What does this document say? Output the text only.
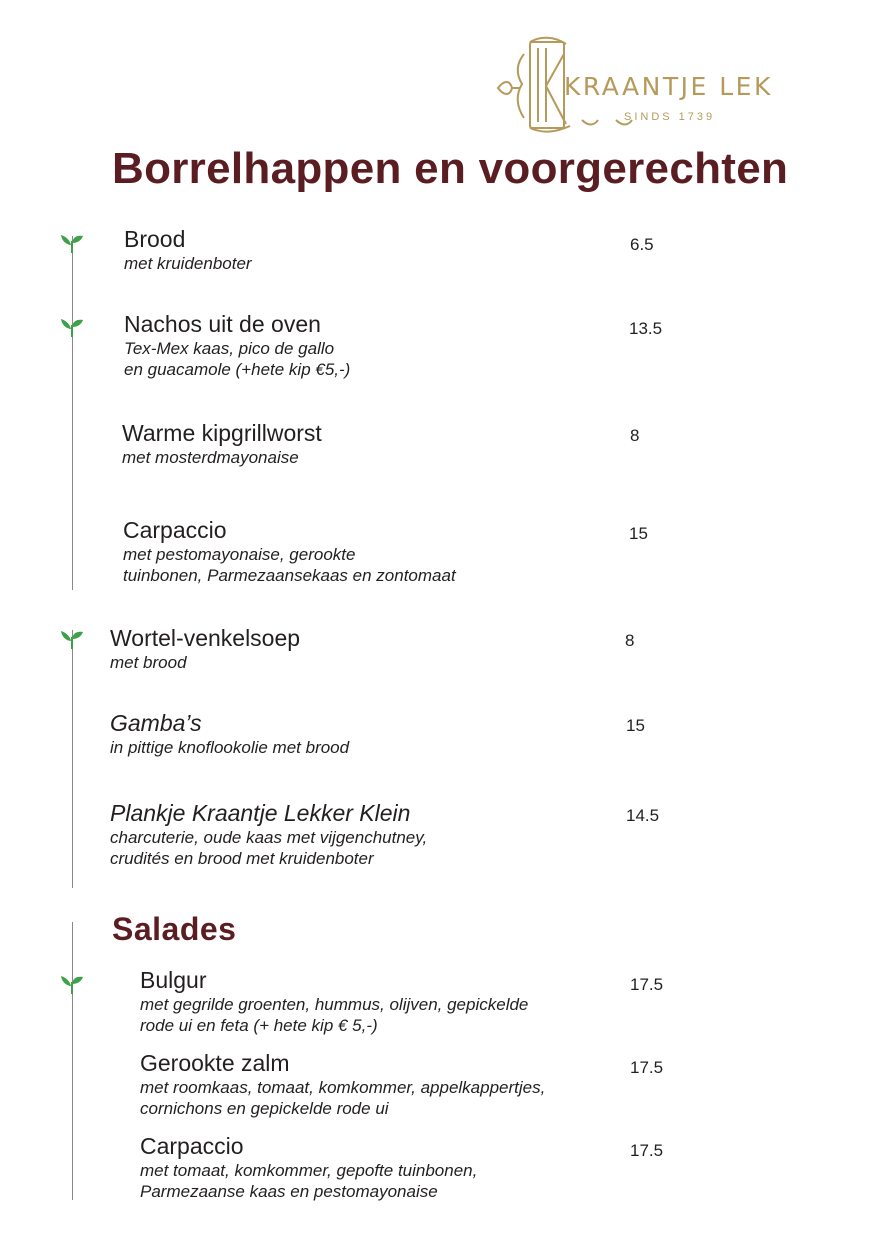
KRAANTJE LEK
SINDS 1739
Borrelhappen en voorgerechten
Brood
met kruidenboter
6.5
Nachos uit de oven
Tex-Mex kaas, pico de gallo
en guacamole (+hete kip €5,-)
13.5
Warme kipgrillworst
met mosterdmayonaise
8
Carpaccio
met pestomayonaise, gerookte
tuinbonen, Parmezaansekaas en zontomaat
15
Wortel-venkelsoep
met brood
8
Gamba’s
in pittige knoflookolie met brood
15
Plankje Kraantje Lekker Klein
charcuterie, oude kaas met vijgenchutney,
crudités en brood met kruidenboter
14.5
Salades
Bulgur
met gegrilde groenten, hummus, olijven, gepickelde
rode ui en feta (+ hete kip € 5,-)
17.5
Gerookte zalm
met roomkaas, tomaat, komkommer, appelkappertjes,
cornichons en gepickelde rode ui
17.5
Carpaccio
met tomaat, komkommer, gepofte tuinbonen,
Parmezaanse kaas en pestomayonaise
17.5
